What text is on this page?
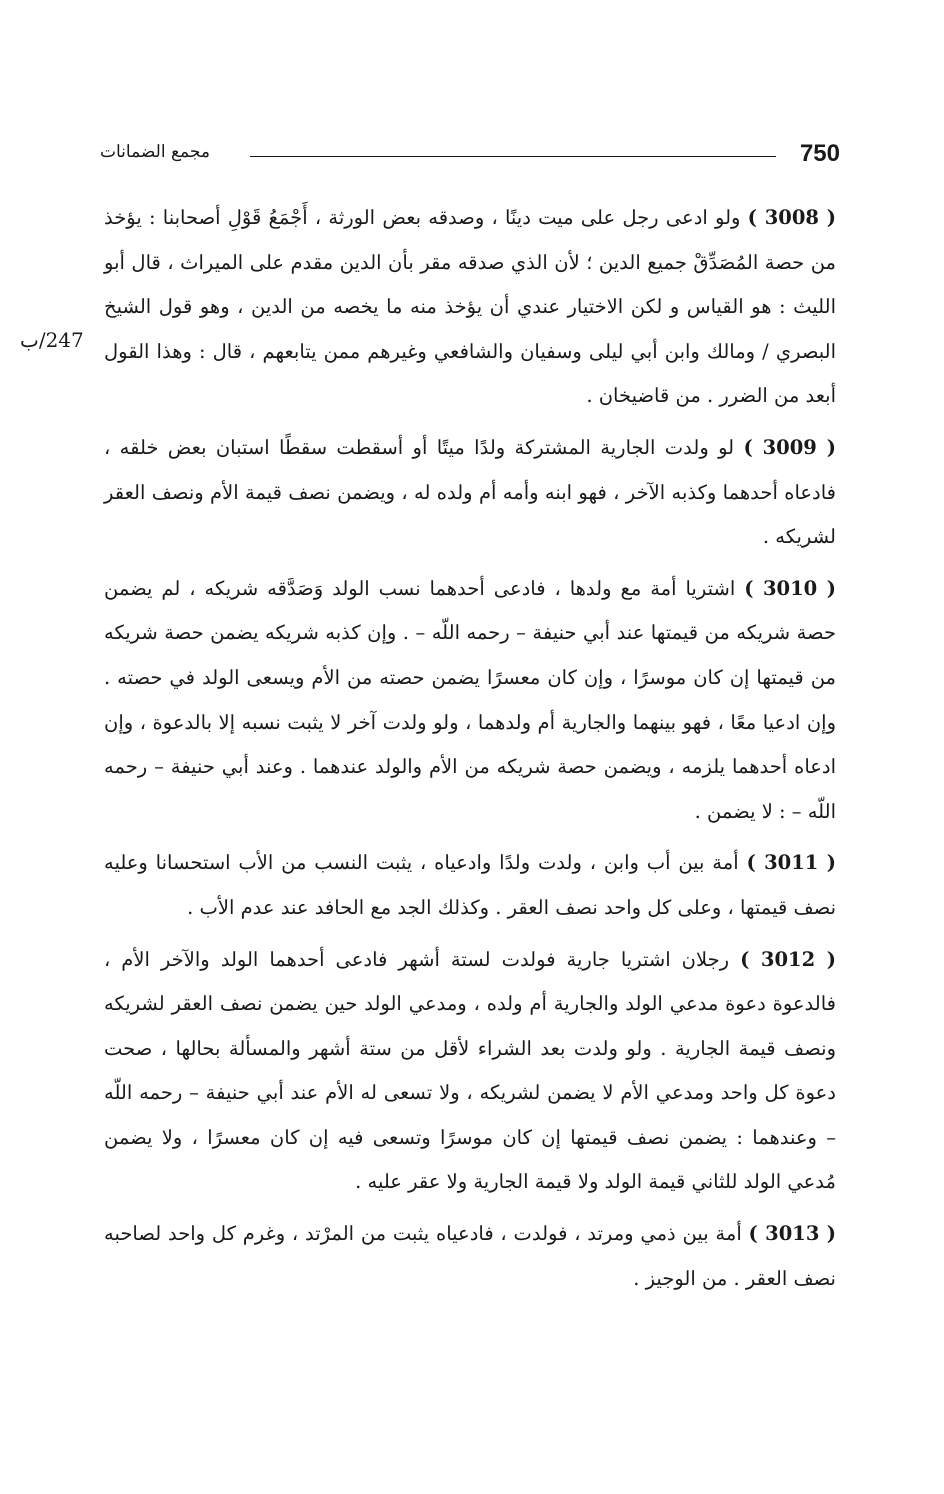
750
مجمع الضمانات
247/ب

( 3008 ) ولو ادعى رجل على ميت دينًا ، وصدقه بعض الورثة ، أَجْمَعُ قَوْلِ أصحابنا : يؤخذ من حصة المُصَدِّقْ جميع الدين ؛ لأن الذي صدقه مقر بأن الدين مقدم على الميراث ، قال أبو الليث : هو القياس و لكن الاختيار عندي أن يؤخذ منه ما يخصه من الدين ، وهو قول الشيخ البصري / ومالك وابن أبي ليلى وسفيان والشافعي وغيرهم ممن يتابعهم ، قال : وهذا القول أبعد من الضرر . من قاضيخان .

( 3009 ) لو ولدت الجارية المشتركة ولدًا ميتًا أو أسقطت سقطًا استبان بعض خلقه ، فادعاه أحدهما وكذبه الآخر ، فهو ابنه وأمه أم ولده له ، ويضمن نصف قيمة الأم ونصف العقر لشريكه .

( 3010 ) اشتريا أمة مع ولدها ، فادعى أحدهما نسب الولد وَصَدَّقه شريكه ، لم يضمن حصة شريكه من قيمتها عند أبي حنيفة – رحمه اللّه – . وإن كذبه شريكه يضمن حصة شريكه من قيمتها إن كان موسرًا ، وإن كان معسرًا يضمن حصته من الأم ويسعى الولد في حصته . وإن ادعيا معًا ، فهو بينهما والجارية أم ولدهما ، ولو ولدت آخر لا يثبت نسبه إلا بالدعوة ، وإن ادعاه أحدهما يلزمه ، ويضمن حصة شريكه من الأم والولد عندهما . وعند أبي حنيفة – رحمه اللّه – : لا يضمن .

( 3011 ) أمة بين أب وابن ، ولدت ولدًا وادعياه ، يثبت النسب من الأب استحسانا وعليه نصف قيمتها ، وعلى كل واحد نصف العقر . وكذلك الجد مع الحافد عند عدم الأب .

( 3012 ) رجلان اشتريا جارية فولدت لستة أشهر فادعى أحدهما الولد والآخر الأم ، فالدعوة دعوة مدعي الولد والجارية أم ولده ، ومدعي الولد حين يضمن نصف العقر لشريكه ونصف قيمة الجارية . ولو ولدت بعد الشراء لأقل من ستة أشهر والمسألة بحالها ، صحت دعوة كل واحد ومدعي الأم لا يضمن لشريكه ، ولا تسعى له الأم عند أبي حنيفة – رحمه اللّه – وعندهما : يضمن نصف قيمتها إن كان موسرًا وتسعى فيه إن كان معسرًا ، ولا يضمن مُدعي الولد للثاني قيمة الولد ولا قيمة الجارية ولا عقر عليه .

( 3013 ) أمة بين ذمي ومرتد ، فولدت ، فادعياه يثبت من المرْتد ، وغرم كل واحد لصاحبه نصف العقر . من الوجيز .
